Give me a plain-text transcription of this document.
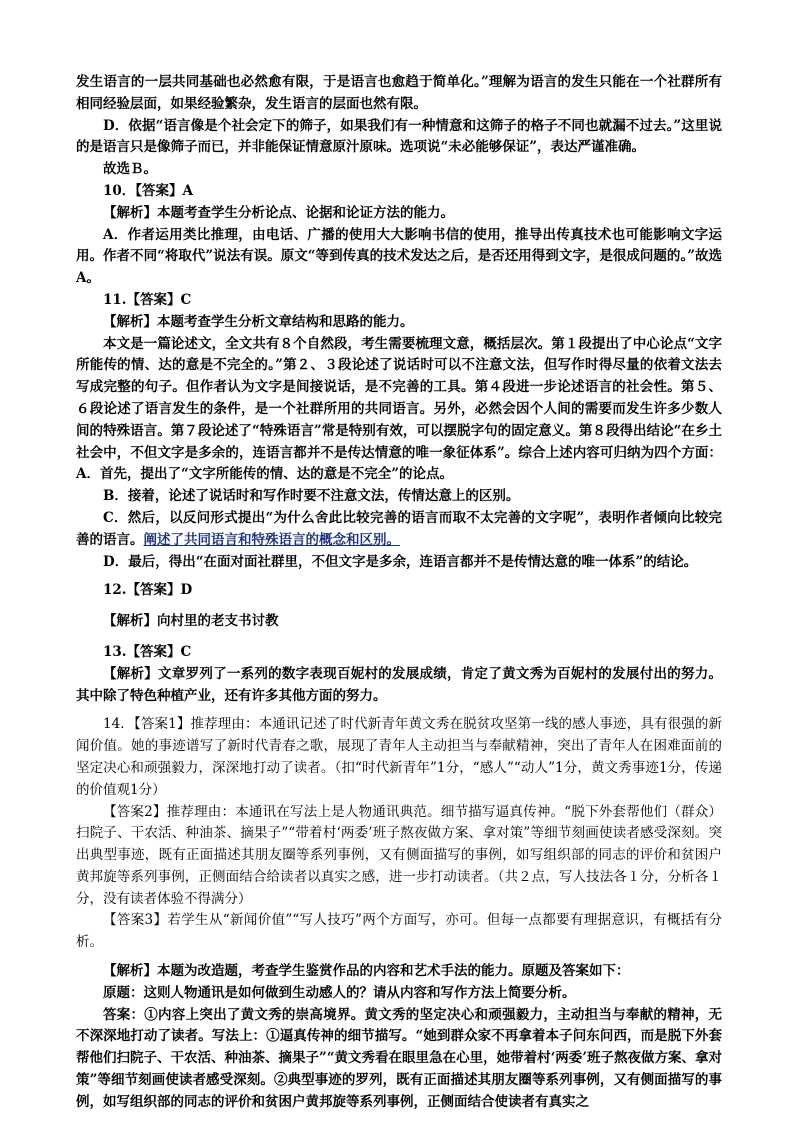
发生语言的一层共同基础也必然愈有限，于是语言也愈趋于简单化。”理解为语言的发生只能在一个社群所有相同经验层面，如果经验繁杂，发生语言的层面也然有限。

D．依据“语言像是个社会定下的筛子，如果我们有一种情意和这筛子的格子不同也就漏不过去。”这里说的是语言只是像筛子而已，并非能保证情意原汁原味。选项说“未必能够保证”，表达严谨准确。

故选Ｂ。

10．【答案】A

【解析】本题考查学生分析论点、论据和论证方法的能力。

A．作者运用类比推理，由电话、广播的使用大大影响书信的使用，推导出传真技术也可能影响文字运用。作者不同“将取代”说法有误。原文“等到传真的技术发达之后，是否还用得到文字，是很成问题的。”故选A。

11.【答案】C

【解析】本题考查学生分析文章结构和思路的能力。

本文是一篇论述文，全文共有８个自然段，考生需要梳理文意，概括层次。第１段提出了中心论点“文字所能传的情、达的意是不完全的。”第２、３段论述了说话时可以不注意文法，但写作时得尽量的依着文法去写成完整的句子。但作者认为文字是间接说话，是不完善的工具。第４段进一步论述语言的社会性。第５、６段论述了语言发生的条件，是一个社群所用的共同语言。另外，必然会因个人间的需要而发生许多少数人间的特殊语言。第７段论述了“特殊语言”常是特别有效，可以摆脱字句的固定意义。第８段得出结论“在乡土社会中，不但文字是多余的，连语言都并不是传达情意的唯一象征体系”。综合上述内容可归纳为四个方面：A．首先，提出了“文字所能传的情、达的意是不完全”的论点。

B．接着，论述了说话时和写作时要不注意文法，传情达意上的区别。

C．然后，以反问形式提出“为什么舍此比较完善的语言而取不太完善的文字呢”，表明作者倾向比较完善的语言。阐述了共同语言和特殊语言的概念和区别。

D．最后，得出“在面对面社群里，不但文字是多余，连语言都并不是传情达意的唯一体系”的结论。

12.【答案】D

【解析】向村里的老支书讨教

13.【答案】C

【解析】文章罗列了一系列的数字表现百妮村的发展成绩，肯定了黄文秀为百妮村的发展付出的努力。其中除了特色种植产业，还有许多其他方面的努力。

14．【答案1】推荐理由：本通讯记述了时代新青年黄文秀在脱贫攻坚第一线的感人事迹，具有很强的新闻价值。她的事迹谱写了新时代青春之歌，展现了青年人主动担当与奉献精神，突出了青年人在困难面前的坚定决心和顽强毅力，深深地打动了读者。（扣“时代新青年”1分，“感人”“动人”1分，黄文秀事迹1分，传递的价值观1分）

【答案2】推荐理由：本通讯在写法上是人物通讯典范。细节描写逼真传神。“脱下外套帮他们（群众）扫院子、干农活、种油茶、摘果子”“带着村‘两委’班子熬夜做方案、拿对策”等细节刻画使读者感受深刻。突出典型事迹，既有正面描述其朋友圈等系列事例，又有侧面描写的事例，如写组织部的同志的评价和贫困户黄邦旋等系列事例，正侧面结合给读者以真实之感，进一步打动读者。（共２点，写人技法各１分，分析各１分，没有读者体验不得满分）

【答案3】若学生从“新闻价值”“写人技巧”两个方面写，亦可。但每一点都要有理据意识，有概括有分析。

【解析】本题为改造题，考查学生鉴赏作品的内容和艺术手法的能力。原题及答案如下：

原题：这则人物通讯是如何做到生动感人的？请从内容和写作方法上简要分析。

答案：①内容上突出了黄文秀的崇高境界。黄文秀的坚定决心和顽强毅力，主动担当与奉献的精神，无不深深地打动了读者。写法上：①逼真传神的细节描写。“她到群众家不再拿着本子问东问西，而是脱下外套帮他们扫院子、干农活、种油茶、摘果子”“黄文秀看在眼里急在心里，她带着村‘两委’班子熬夜做方案、拿对策”等细节刻画使读者感受深刻。②典型事迹的罗列，既有正面描述其朋友圈等系列事例，又有侧面描写的事例，如写组织部的同志的评价和贫困户黄邦旋等系列事例，正侧面结合使读者有真实之
